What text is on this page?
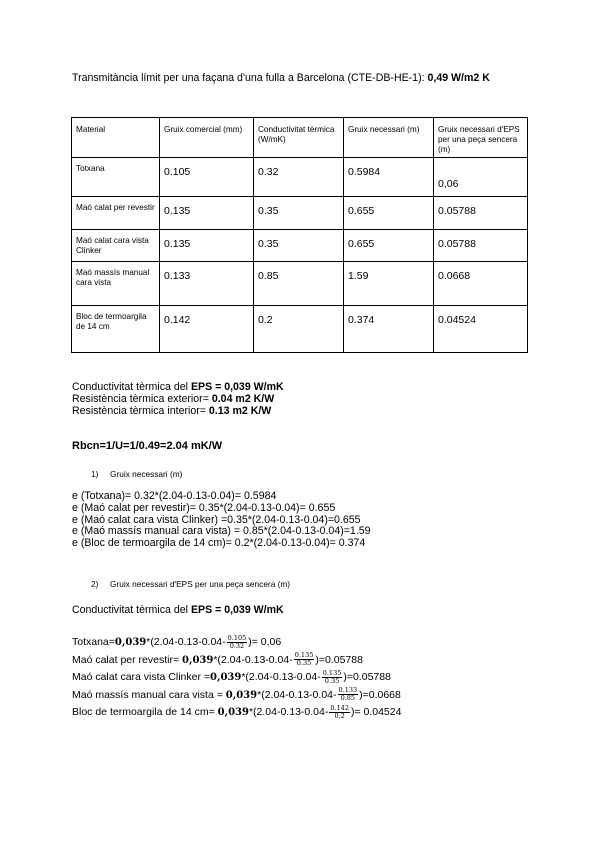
Transmitància límit per una façana d'una fulla a Barcelona (CTE-DB-HE-1): 0,49 W/m2 K
Material	Gruix comercial (mm)	Conductivitat tèrmica (W/mK)	Gruix necessari (m)	Gruix necessari d'EPS per una peça sencera (m)
Totxana	0.105	0.32	0.5984	0,06
Maó calat per revestir	0.135	0.35	0.655	0.05788
Maó calat cara vista Clinker	0.135	0.35	0.655	0.05788
Maó massís manual cara vista	0.133	0.85	1.59	0.0668
Bloc de termoargila de 14 cm	0.142	0.2	0.374	0.04524
Conductivitat tèrmica del EPS = 0,039 W/mK
Resistència tèrmica exterior= 0.04 m2 K/W
Resistència tèrmica interior= 0.13 m2 K/W
Rbcn=1/U=1/0.49=2.04 mK/W
1) Gruix necessari (m)
e (Totxana)= 0.32*(2.04-0.13-0.04)= 0.5984
e (Maó calat per revestir)= 0.35*(2.04-0.13-0.04)= 0.655
e (Maó calat cara vista Clinker) =0.35*(2.04-0.13-0.04)=0.655
e (Maó massís manual cara vista) = 0.85*(2.04-0.13-0.04)=1.59
e (Bloc de termoargila de 14 cm)= 0.2*(2.04-0.13-0.04)= 0.374
2) Gruix necessari d'EPS per una peça sencera (m)
Conductivitat tèrmica del EPS = 0,039 W/mK
Totxana=0,039*(2.04-0.13-0.04- $\frac{0.105}{0.32}$ )= 0,06
Maó calat per revestir= $0,039*(2.04-0.13-0.04- \frac{0.135}{0.35} )=0.05788$
Maó calat cara vista Clinker $=0,039*(2.04-0.13-0.04- \frac{0.135}{0.35} )=0.05788$
Maó massís manual cara vista = $0,039*(2.04-0.13-0.04- \frac{0.133}{0.85} )=0.0668$
Bloc de termoargila de 14 $cm= 0,039*(2.04-0.13-0.04- \frac{0.142}{0.2}$ )= 0.04524
